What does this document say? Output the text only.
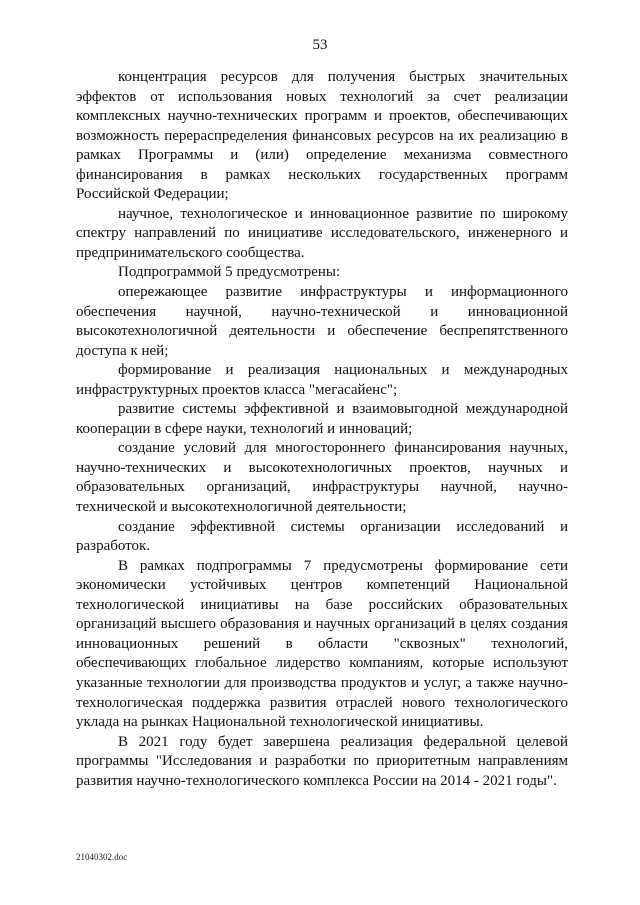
53

концентрация ресурсов для получения быстрых значительных эффектов от использования новых технологий за счет реализации комплексных научно-технических программ и проектов, обеспечивающих возможность перераспределения финансовых ресурсов на их реализацию в рамках Программы и (или) определение механизма совместного финансирования в рамках нескольких государственных программ Российской Федерации;

научное, технологическое и инновационное развитие по широкому спектру направлений по инициативе исследовательского, инженерного и предпринимательского сообщества.

Подпрограммой 5 предусмотрены:

опережающее развитие инфраструктуры и информационного обеспечения научной, научно-технической и инновационной высокотехнологичной деятельности и обеспечение беспрепятственного доступа к ней;

формирование и реализация национальных и международных инфраструктурных проектов класса "мегасайенс";

развитие системы эффективной и взаимовыгодной международной кооперации в сфере науки, технологий и инноваций;

создание условий для многостороннего финансирования научных, научно-технических и высокотехнологичных проектов, научных и образовательных организаций, инфраструктуры научной, научно-технической и высокотехнологичной деятельности;

создание эффективной системы организации исследований и разработок.

В рамках подпрограммы 7 предусмотрены формирование сети экономически устойчивых центров компетенций Национальной технологической инициативы на базе российских образовательных организаций высшего образования и научных организаций в целях создания инновационных решений в области "сквозных" технологий, обеспечивающих глобальное лидерство компаниям, которые используют указанные технологии для производства продуктов и услуг, а также научно-технологическая поддержка развития отраслей нового технологического уклада на рынках Национальной технологической инициативы.

В 2021 году будет завершена реализация федеральной целевой программы "Исследования и разработки по приоритетным направлениям развития научно-технологического комплекса России на 2014 - 2021 годы".

21040302.doc
